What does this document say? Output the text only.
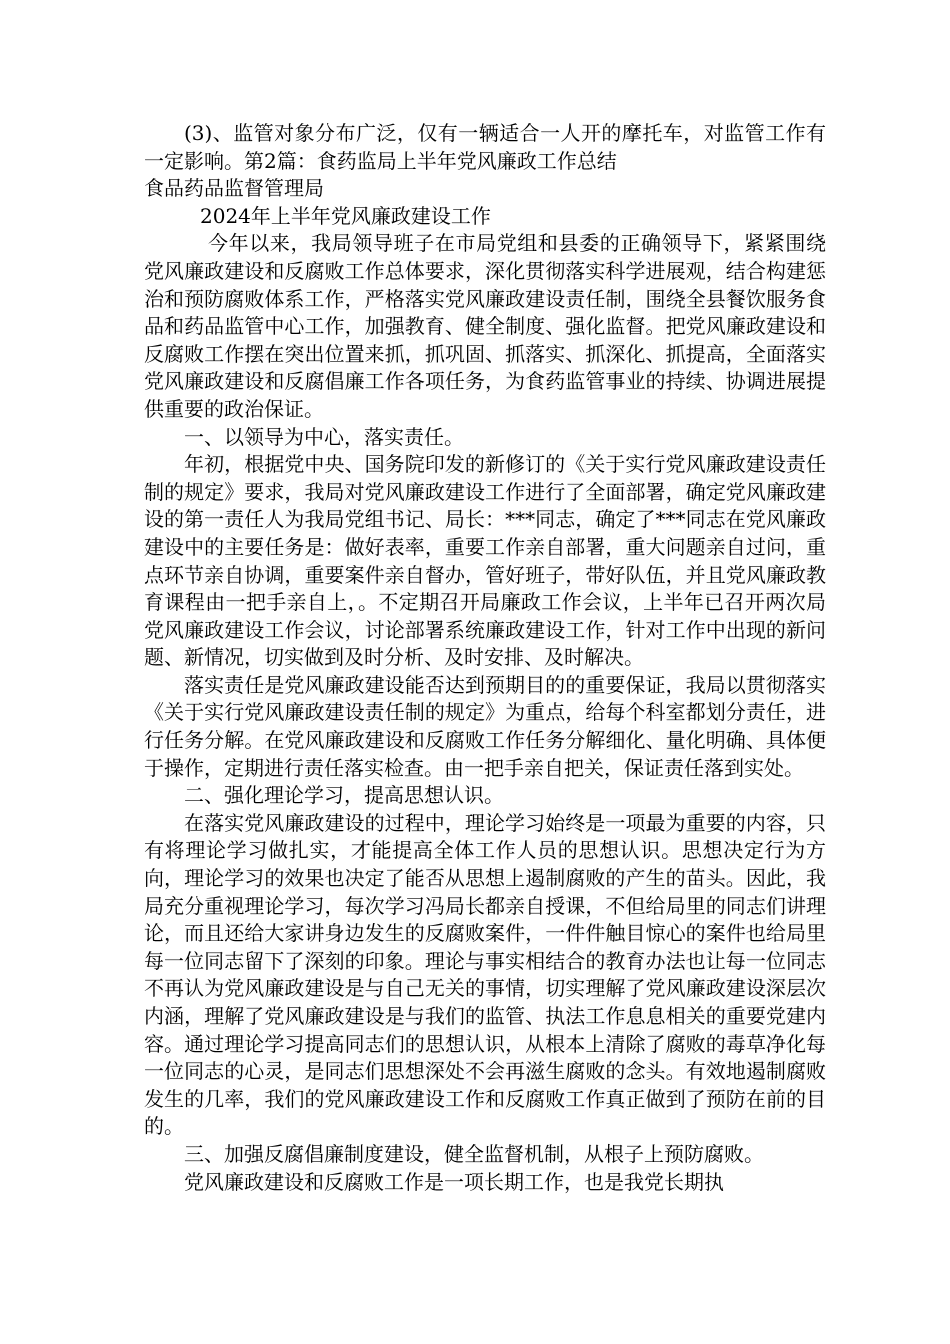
(3)、监管对象分布广泛，仅有一辆适合一人开的摩托车，对监管工作有一定影响。第2篇：食药监局上半年党风廉政工作总结

食品药品监督管理局

2024年上半年党风廉政建设工作

今年以来，我局领导班子在市局党组和县委的正确领导下，紧紧围绕党风廉政建设和反腐败工作总体要求，深化贯彻落实科学进展观，结合构建惩治和预防腐败体系工作，严格落实党风廉政建设责任制，围绕全县餐饮服务食品和药品监管中心工作，加强教育、健全制度、强化监督。把党风廉政建设和反腐败工作摆在突出位置来抓，抓巩固、抓落实、抓深化、抓提高，全面落实党风廉政建设和反腐倡廉工作各项任务，为食药监管事业的持续、协调进展提供重要的政治保证。

一、以领导为中心，落实责任。

年初，根据党中央、国务院印发的新修订的《关于实行党风廉政建设责任制的规定》要求，我局对党风廉政建设工作进行了全面部署，确定党风廉政建设的第一责任人为我局党组书记、局长：***同志，确定了***同志在党风廉政建设中的主要任务是：做好表率，重要工作亲自部署，重大问题亲自过问，重点环节亲自协调，重要案件亲自督办，管好班子，带好队伍，并且党风廉政教育课程由一把手亲自上，。不定期召开局廉政工作会议，上半年已召开两次局党风廉政建设工作会议，讨论部署系统廉政建设工作，针对工作中出现的新问题、新情况，切实做到及时分析、及时安排、及时解决。

落实责任是党风廉政建设能否达到预期目的的重要保证，我局以贯彻落实《关于实行党风廉政建设责任制的规定》为重点，给每个科室都划分责任，进行任务分解。在党风廉政建设和反腐败工作任务分解细化、量化明确、具体便于操作，定期进行责任落实检查。由一把手亲自把关，保证责任落到实处。

二、强化理论学习，提高思想认识。

在落实党风廉政建设的过程中，理论学习始终是一项最为重要的内容，只有将理论学习做扎实，才能提高全体工作人员的思想认识。思想决定行为方向，理论学习的效果也决定了能否从思想上遏制腐败的产生的苗头。因此，我局充分重视理论学习，每次学习冯局长都亲自授课，不但给局里的同志们讲理论，而且还给大家讲身边发生的反腐败案件，一件件触目惊心的案件也给局里每一位同志留下了深刻的印象。理论与事实相结合的教育办法也让每一位同志不再认为党风廉政建设是与自己无关的事情，切实理解了党风廉政建设深层次内涵，理解了党风廉政建设是与我们的监管、执法工作息息相关的重要党建内容。通过理论学习提高同志们的思想认识，从根本上清除了腐败的毒草净化每一位同志的心灵，是同志们思想深处不会再滋生腐败的念头。有效地遏制腐败发生的几率，我们的党风廉政建设工作和反腐败工作真正做到了预防在前的目的。

三、加强反腐倡廉制度建设，健全监督机制，从根子上预防腐败。

党风廉政建设和反腐败工作是一项长期工作，也是我党长期执
